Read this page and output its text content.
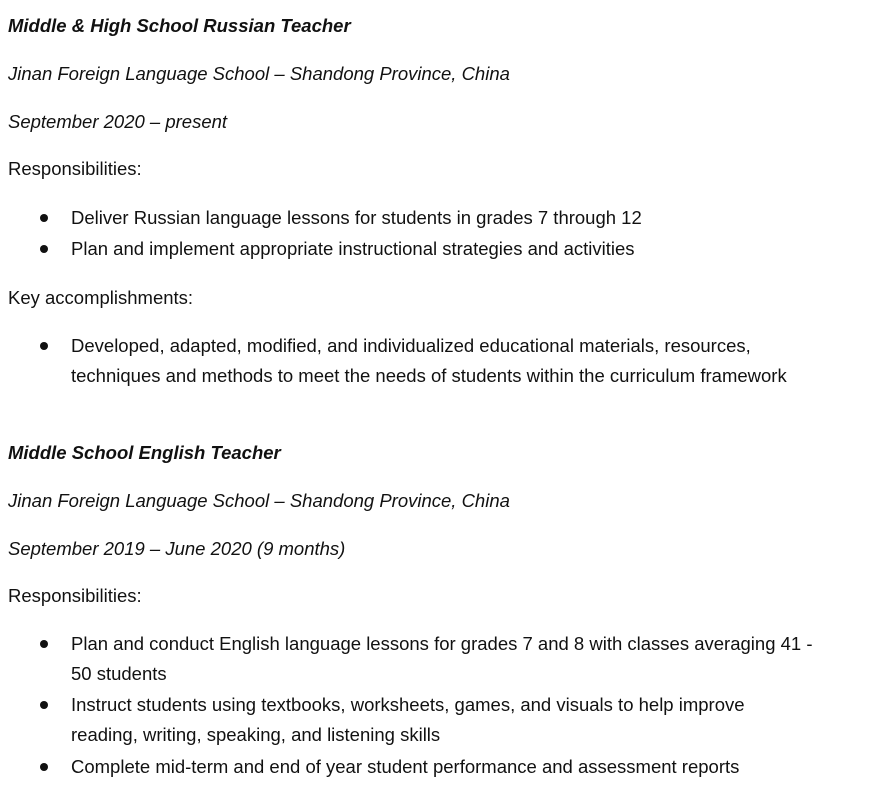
Middle & High School Russian Teacher
Jinan Foreign Language School – Shandong Province, China
September 2020 – present
Responsibilities:
Deliver Russian language lessons for students in grades 7 through 12
Plan and implement appropriate instructional strategies and activities
Key accomplishments:
Developed, adapted, modified, and individualized educational materials, resources, techniques and methods to meet the needs of students within the curriculum framework
Middle School English Teacher
Jinan Foreign Language School – Shandong Province, China
September 2019 – June 2020 (9 months)
Responsibilities:
Plan and conduct English language lessons for grades 7 and 8 with classes averaging 41 - 50 students
Instruct students using textbooks, worksheets, games, and visuals to help improve reading, writing, speaking, and listening skills
Complete mid-term and end of year student performance and assessment reports
